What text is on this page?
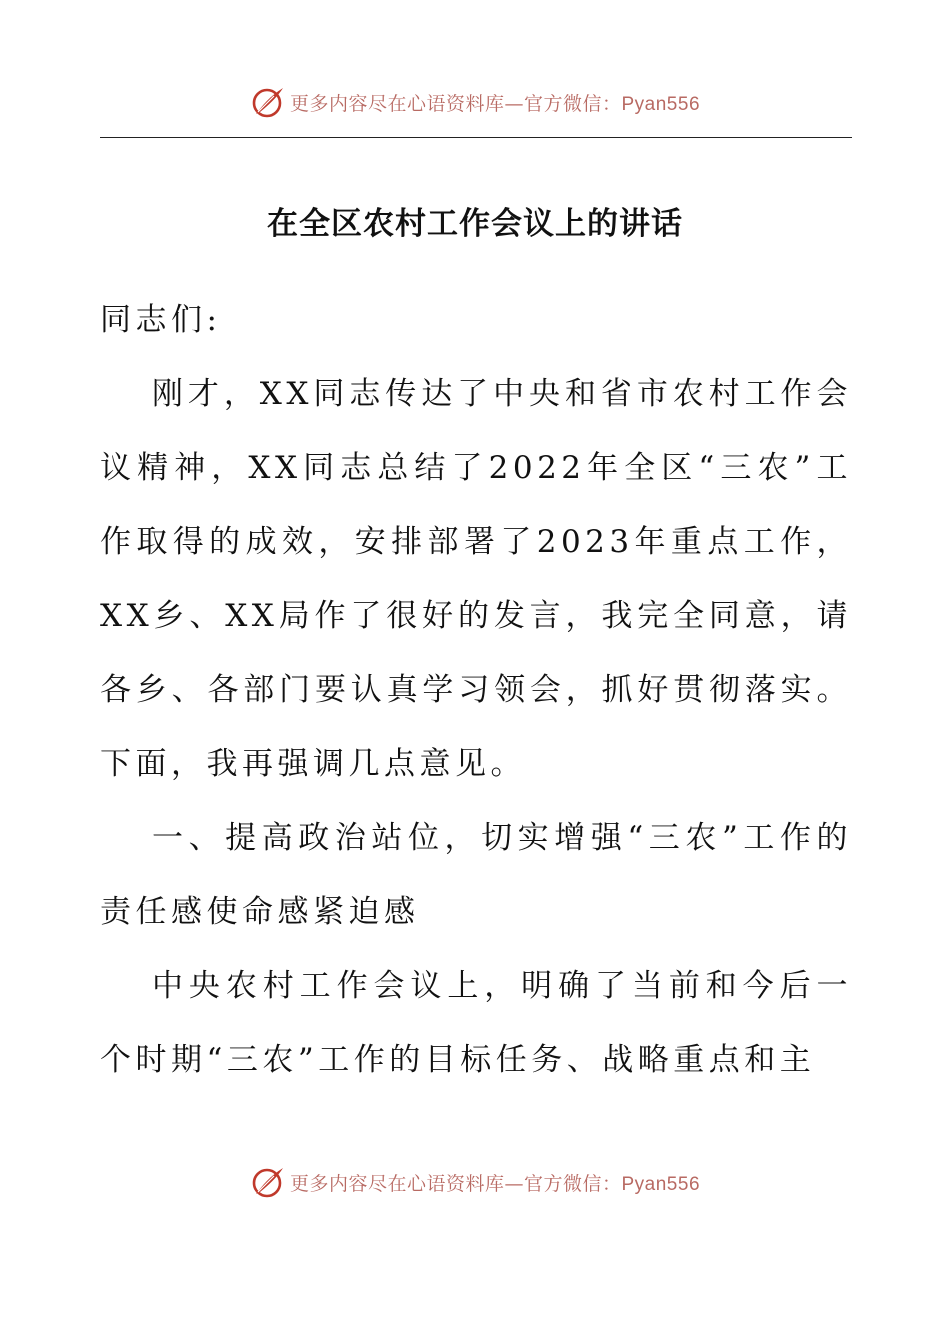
更多内容尽在心语资料库—官方微信：Pyan556
在全区农村工作会议上的讲话

同志们:

刚才，XX同志传达了中央和省市农村工作会议精神，XX同志总结了2022年全区“三农”工作取得的成效，安排部署了2023年重点工作，XX乡、XX局作了很好的发言，我完全同意，请各乡、各部门要认真学习领会，抓好贯彻落实。下面，我再强调几点意见。

一、提高政治站位，切实增强“三农”工作的责任感使命感紧迫感

中央农村工作会议上，明确了当前和今后一个时期“三农”工作的目标任务、战略重点和主

更多内容尽在心语资料库—官方微信：Pyan556
